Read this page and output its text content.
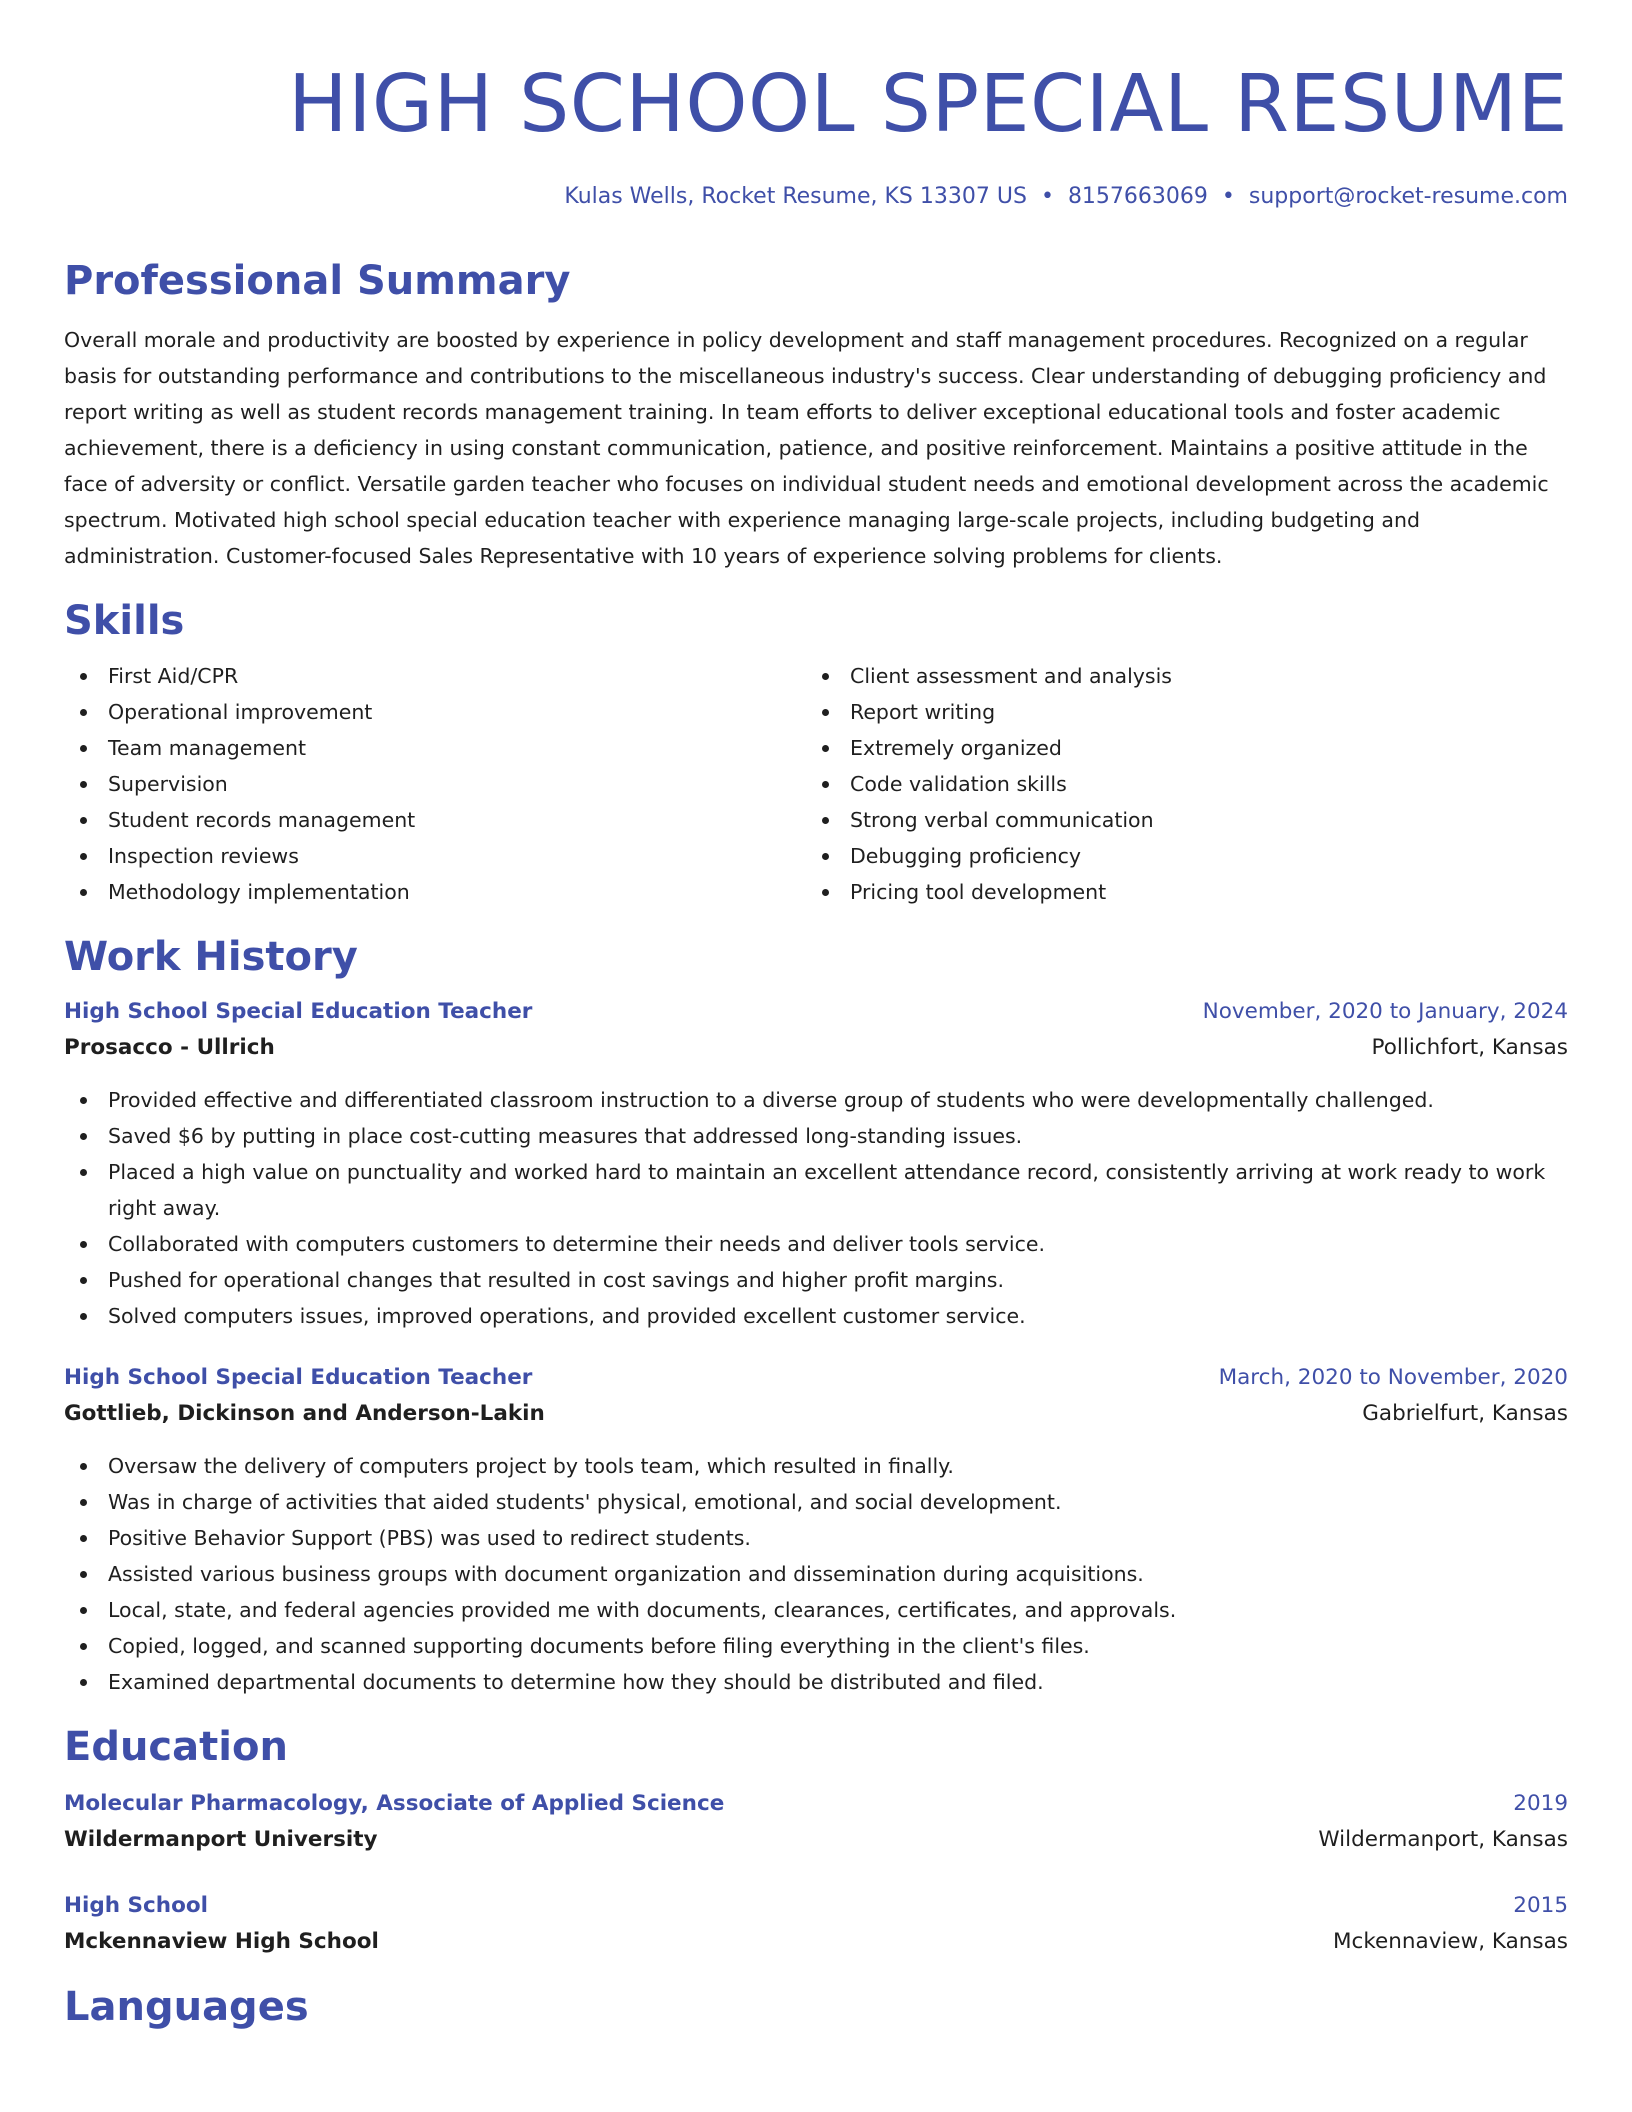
HIGH SCHOOL SPECIAL RESUME
Kulas Wells, Rocket Resume, KS 13307 US • 8157663069 • support@rocket-resume.com
Professional Summary
Overall morale and productivity are boosted by experience in policy development and staff management procedures. Recognized on a regular basis for outstanding performance and contributions to the miscellaneous industry's success. Clear understanding of debugging proficiency and report writing as well as student records management training. In team efforts to deliver exceptional educational tools and foster academic achievement, there is a deficiency in using constant communication, patience, and positive reinforcement. Maintains a positive attitude in the face of adversity or conflict. Versatile garden teacher who focuses on individual student needs and emotional development across the academic spectrum. Motivated high school special education teacher with experience managing large-scale projects, including budgeting and administration. Customer-focused Sales Representative with 10 years of experience solving problems for clients.
Skills
First Aid/CPR
Operational improvement
Team management
Supervision
Student records management
Inspection reviews
Methodology implementation
Client assessment and analysis
Report writing
Extremely organized
Code validation skills
Strong verbal communication
Debugging proficiency
Pricing tool development
Work History
High School Special Education Teacher	November, 2020 to January, 2024
Prosacco - Ullrich	Pollichfort, Kansas
Provided effective and differentiated classroom instruction to a diverse group of students who were developmentally challenged.
Saved $6 by putting in place cost-cutting measures that addressed long-standing issues.
Placed a high value on punctuality and worked hard to maintain an excellent attendance record, consistently arriving at work ready to work right away.
Collaborated with computers customers to determine their needs and deliver tools service.
Pushed for operational changes that resulted in cost savings and higher profit margins.
Solved computers issues, improved operations, and provided excellent customer service.
High School Special Education Teacher	March, 2020 to November, 2020
Gottlieb, Dickinson and Anderson-Lakin	Gabrielfurt, Kansas
Oversaw the delivery of computers project by tools team, which resulted in finally.
Was in charge of activities that aided students' physical, emotional, and social development.
Positive Behavior Support (PBS) was used to redirect students.
Assisted various business groups with document organization and dissemination during acquisitions.
Local, state, and federal agencies provided me with documents, clearances, certificates, and approvals.
Copied, logged, and scanned supporting documents before filing everything in the client's files.
Examined departmental documents to determine how they should be distributed and filed.
Education
Molecular Pharmacology, Associate of Applied Science	2019
Wildermanport University	Wildermanport, Kansas
High School	2015
Mckennaview High School	Mckennaview, Kansas
Languages
